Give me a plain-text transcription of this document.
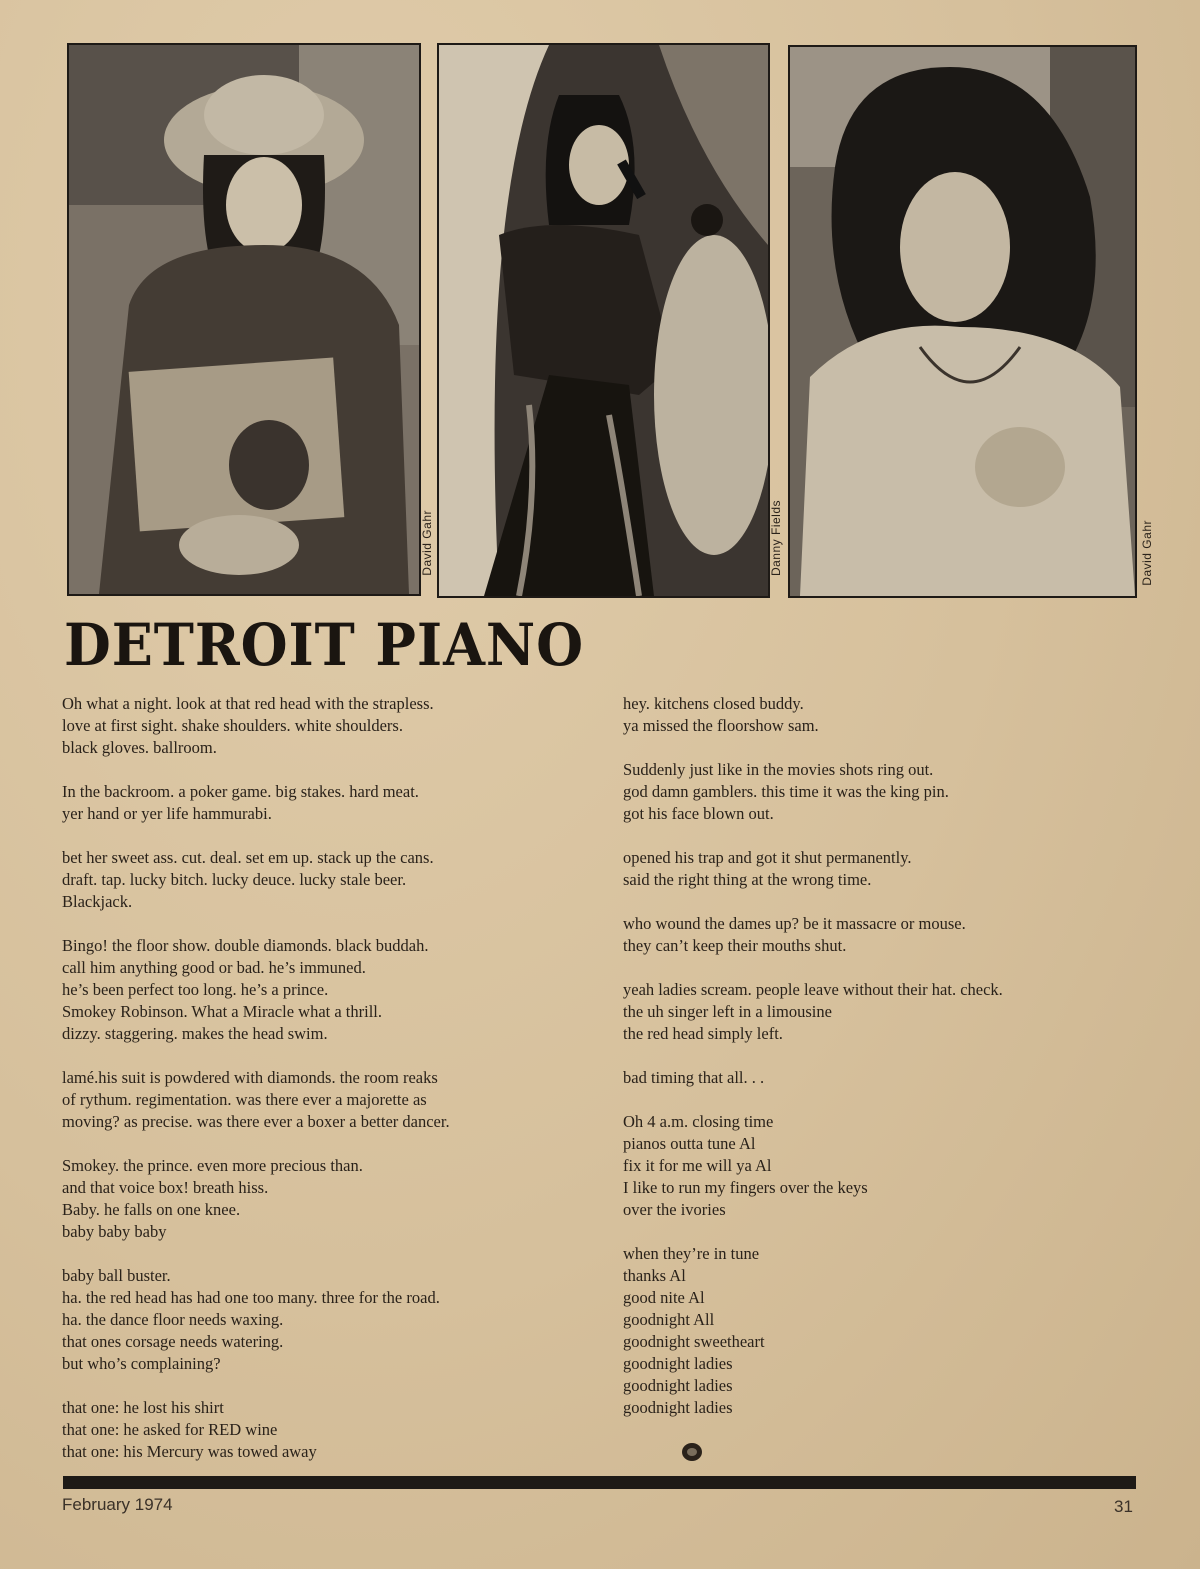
David Gahr	Danny Fields	David Gahr
DETROIT PIANO
Oh what a night. look at that red head with the strapless.
love at first sight. shake shoulders. white shoulders.
black gloves. ballroom.
In the backroom. a poker game. big stakes. hard meat.
yer hand or yer life hammurabi.
bet her sweet ass. cut. deal. set em up. stack up the cans.
draft. tap. lucky bitch. lucky deuce. lucky stale beer.
Blackjack.
Bingo! the floor show. double diamonds. black buddah.
call him anything good or bad. he’s immuned.
he’s been perfect too long. he’s a prince.
Smokey Robinson. What a Miracle what a thrill.
dizzy. staggering. makes the head swim.
lamé.his suit is powdered with diamonds. the room reaks
of rythum. regimentation. was there ever a majorette as
moving? as precise. was there ever a boxer a better dancer.
Smokey. the prince. even more precious than.
and that voice box! breath hiss.
Baby. he falls on one knee.
baby baby baby
baby ball buster.
ha. the red head has had one too many. three for the road.
ha. the dance floor needs waxing.
that ones corsage needs watering.
but who’s complaining?
that one: he lost his shirt
that one: he asked for RED wine
that one: his Mercury was towed away
hey. kitchens closed buddy.
ya missed the floorshow sam.
Suddenly just like in the movies shots ring out.
god damn gamblers. this time it was the king pin.
got his face blown out.
opened his trap and got it shut permanently.
said the right thing at the wrong time.
who wound the dames up? be it massacre or mouse.
they can’t keep their mouths shut.
yeah ladies scream. people leave without their hat. check.
the uh singer left in a limousine
the red head simply left.
bad timing that all. . .
Oh 4 a.m. closing time
pianos outta tune Al
fix it for me will ya Al
I like to run my fingers over the keys
over the ivories
when they’re in tune
thanks Al
good nite Al
goodnight All
goodnight sweetheart
goodnight ladies
goodnight ladies
goodnight ladies
February 1974	31
